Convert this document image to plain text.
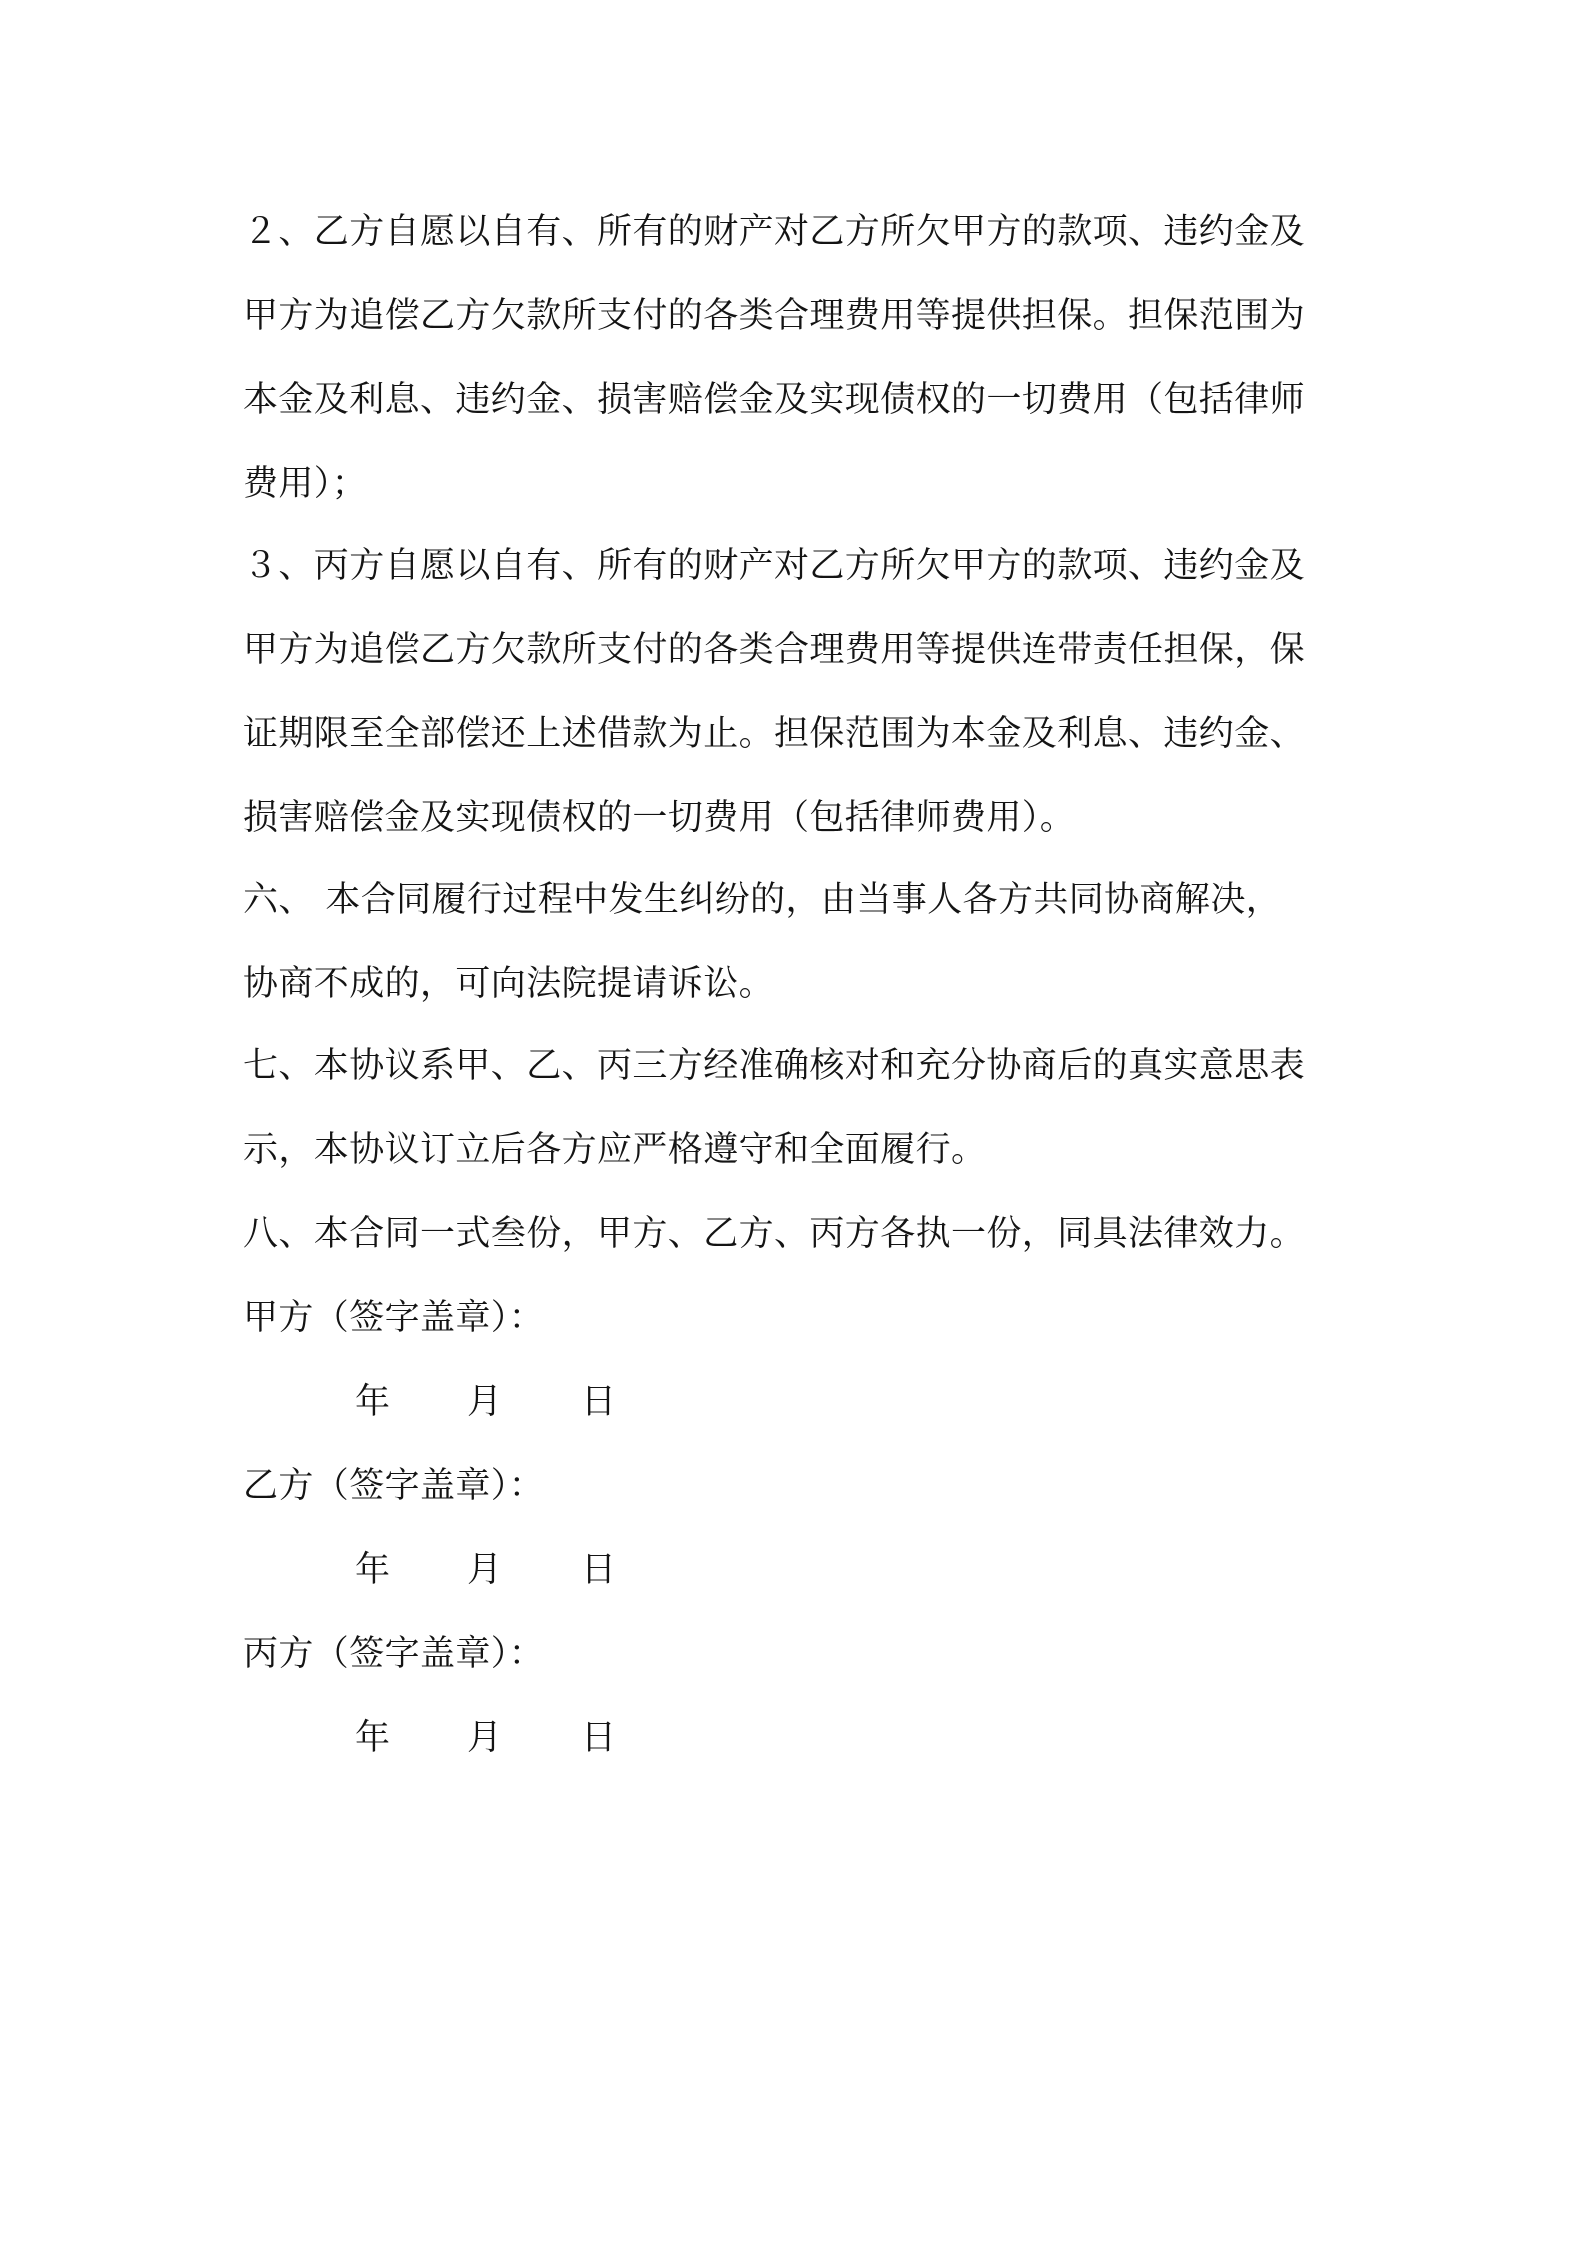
２、乙方自愿以自有、所有的财产对乙方所欠甲方的款项、违约金及
甲方为追偿乙方欠款所支付的各类合理费用等提供担保。担保范围为
本金及利息、违约金、损害赔偿金及实现债权的一切费用（包括律师
费用）；
３、丙方自愿以自有、所有的财产对乙方所欠甲方的款项、违约金及
甲方为追偿乙方欠款所支付的各类合理费用等提供连带责任担保，保
证期限至全部偿还上述借款为止。担保范围为本金及利息、违约金、
损害赔偿金及实现债权的一切费用（包括律师费用）。
六、 本合同履行过程中发生纠纷的，由当事人各方共同协商解决，
协商不成的，可向法院提请诉讼。
七、本协议系甲、乙、丙三方经准确核对和充分协商后的真实意思表
示，本协议订立后各方应严格遵守和全面履行。
八、本合同一式叁份，甲方、乙方、丙方各执一份，同具法律效力。
甲方（签字盖章）：
年 月 日
乙方（签字盖章）：
年 月 日
丙方（签字盖章）：
年 月 日
